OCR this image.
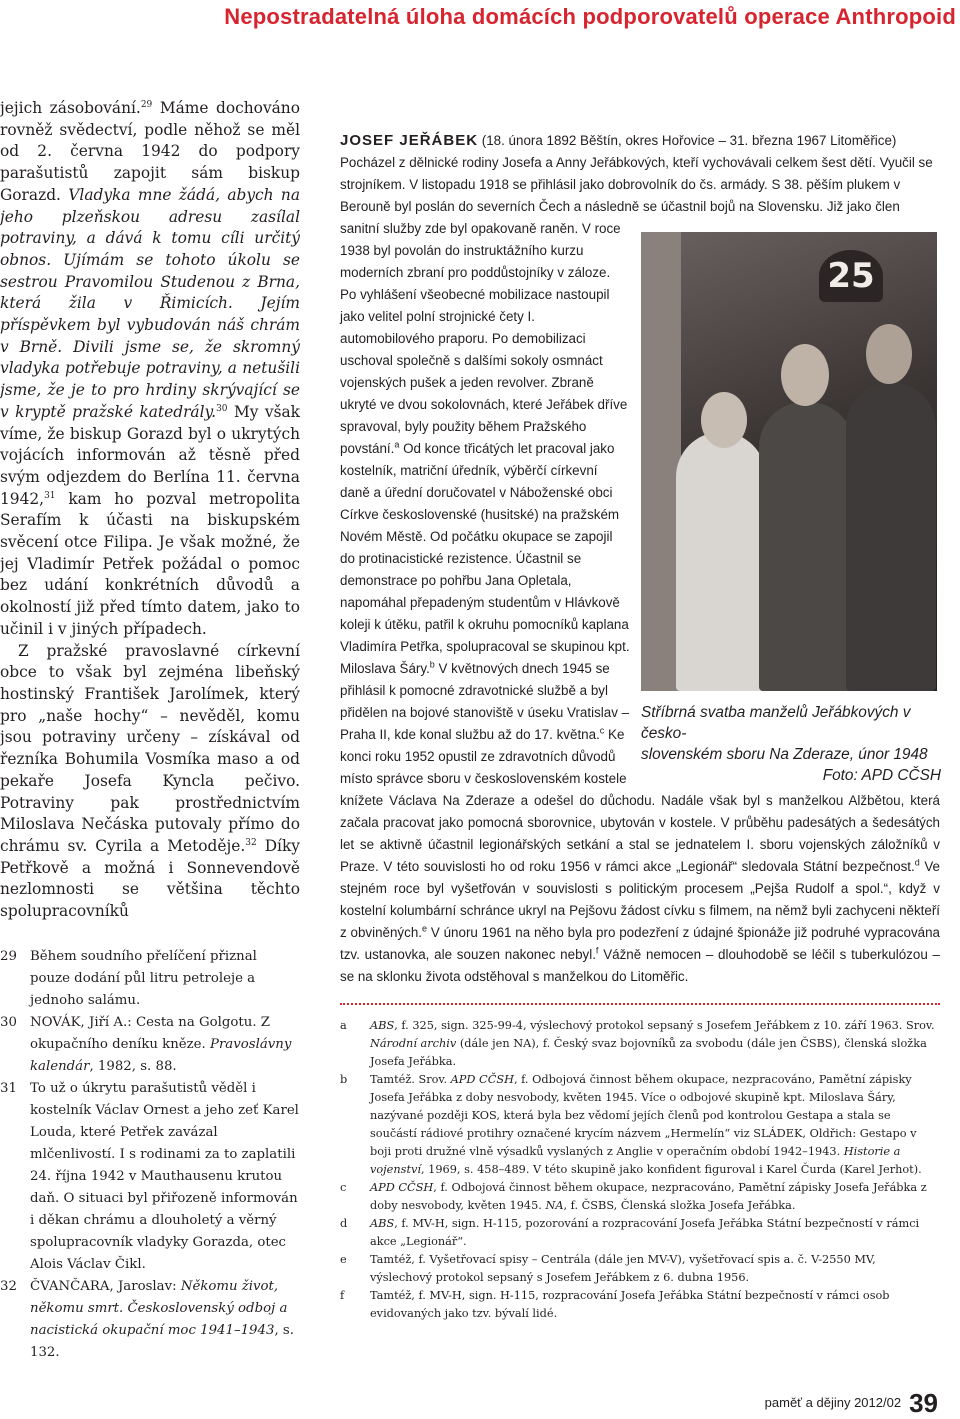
Nepostradatelná úloha domácích podporovatelů operace Anthropoid

jejich zásobování.$^{29}$ Máme dochováno rovněž svědectví, podle něhož se měl od 2. června 1942 do podpory parašutistů zapojit sám biskup Gorazd. Vladyka mne žádá, abych na jeho plzeňskou adresu zasílal potraviny, a dává k tomu cíli určitý obnos. Ujímám se tohoto úkolu se sestrou Pravomilou Studenou z Brna, která žila v Řimicích. Jejím příspěvkem byl vybudován náš chrám v Brně. Divili jsme se, že skromný vladyka potřebuje potraviny, a netušili jsme, že je to pro hrdiny skrývající se v kryptě pražské katedrály.$^{30}$ My však víme, že biskup Gorazd byl o ukrytých vojácích informován až těsně před svým odjezdem do Berlína 11. června 1942,31 kam ho pozval metropolita Serafím k účasti na biskupském svěcení otce Filipa. Je však možné, že jej Vladimír Petřek požádal o pomoc bez udání konkrétních důvodů a okolností již před tímto datem, jako to učinil i v jiných případech.

Z pražské pravoslavné církevní obce to však byl zejména libeňský hostinský František Jarolímek, který pro „naše hochy“ – nevěděl, komu jsou potraviny určeny – získával od řezníka Bohumila Vosmíka maso a od pekaře Josefa Kyncla pečivo. Potraviny pak prostřednictvím Miloslava Nečáska putovaly přímo do chrámu sv. Cyrila a Metoděje.$^{32}$ Díky Petřkově a možná i Sonnevendově nezlomnosti se většina těchto spolupracovníků

29 Během soudního přelíčení přiznal pouze dodání půl litru petroleje a jednoho salámu.
30 NOVÁK, Jiří A.: Cesta na Golgotu. Z okupačního deníku kněze. Pravoslávny kalendár, 1982, s. 88.
31 To už o úkrytu parašutistů věděl i kostelník Václav Ornest a jeho zeť Karel Louda, které Petřek zavázal mlčenlivostí. I s rodinami za to zaplatili 24. října 1942 v Mauthausenu krutou daň. O situaci byl přiřozeně informován i děkan chrámu a dlouholetý a věrný spolupracovník vladyky Gorazda, otec Alois Václav Čikl.
32 ČVANČARA, Jaroslav: Někomu život, někomu smrt. Československý odboj a nacistická okupační moc 1941–1943, s. 132.
JOSEF JEŘÁBEK (18. února 1892 Běštín, okres Hořovice – 31. března 1967 Litoměřice)
Pocházel z dělnické rodiny Josefa a Anny Jeřábkových, kteří vychovávali celkem šest dětí. Vyučil se strojníkem. V listopadu 1918 se přihlásil jako dobrovolník do čs. armády. S 38. pěším plukem v Berouně byl poslán do severních Čech a následně se účastnil bojů na Slovensku. Již jako člen
sanitní služby zde byl opakovaně raněn. V roce 1938 byl povolán do instruktážního kurzu moderních zbraní pro poddůstojníky v záloze. Po vyhlášení všeobecné mobilizace nastoupil jako velitel polní strojnické čety I. automobilového praporu. Po demobilizaci uschoval společně s dalšími sokoly osmnáct vojenských pušek a jeden revolver. Zbraně ukryté ve dvou sokolovnách, které Jeřábek dříve spravoval, byly použity během Pražského povstání.$^a$ Od konce třicátých let pracoval jako kostelník, matriční úředník, výběrčí církevní daně a úřední doručovatel v Náboženské obci Církve československé (husitské) na pražském Novém Městě. Od počátku okupace se zapojil do protinacistické rezistence. Účastnil se demonstrace po pohřbu Jana Opletala, napomáhal přepadeným studentům v Hlávkově koleji k útěku, patřil k okruhu pomocníků kaplana Vladimíra Petřka, spolupracoval se skupinou kpt. Miloslava Šáry.$^b$ V květnových dnech 1945 se přihlásil k pomocné zdravotnické službě a byl přidělen na bojové stanoviště v úseku Vratislav – Praha II, kde konal službu až do 17. května.$^c$ Ke konci roku 1952 opustil ze zdravotních důvodů místo správce sboru v československém kostele
25
Stříbrná svatba manželů Jeřábkových v česko-
slovenském sboru Na Zderaze, únor 1948
Foto: APD CČSH
knížete Václava Na Zderaze a odešel do důchodu. Nadále však byl s manželkou Alžbětou, která začala pracovat jako pomocná sborovnice, ubytován v kostele. V průběhu padesátých a šedesátých let se aktivně účastnil legionářských setkání a stal se jednatelem I. sboru vojenských záložníků v Praze. V této souvislosti ho od roku 1956 v rámci akce „Legionář“ sledovala Státní bezpečnost.$^d$ Ve stejném roce byl vyšetřován v souvislosti s politickým procesem „Pejša Rudolf a spol.“, když v kostelní kolumbární schránce ukryl na Pejšovu žádost cívku s filmem, na němž byli zachyceni někteří z obviněných.$^e$ V únoru 1961 na něho byla pro podezření z údajné špionáže již podruhé vypracována tzv. ustanovka, ale souzen nakonec nebyl.$^f$ Vážně nemocen – dlouhodobě se léčil s tuberkulózou – se na sklonku života odstěhoval s manželkou do Litoměřic.
a	ABS, f. 325, sign. 325-99-4, výslechový protokol sepsaný s Josefem Jeřábkem z 10. září 1963. Srov. Národní archiv (dále jen NA), f. Český svaz bojovníků za svobodu (dále jen ČSBS), členská složka Josefa Jeřábka.
b	Tamtéž. Srov. APD CČSH, f. Odbojová činnost během okupace, nezpracováno, Pamětní zápisky Josefa Jeřábka z doby nesvobody, květen 1945. Více o odbojové skupině kpt. Miloslava Šáry, nazývané později KOS, která byla bez vědomí jejích členů pod kontrolou Gestapa a stala se součástí rádiové protihry označené krycím názvem „Hermelín“ viz SLÁDEK, Oldřich: Gestapo v boji proti družné vlně výsadků vyslaných z Anglie v operačním období 1942–1943. Historie a vojenství, 1969, s. 458–489. V této skupině jako konfident figuroval i Karel Čurda (Karel Jerhot).
c	APD CČSH, f. Odbojová činnost během okupace, nezpracováno, Pamětní zápisky Josefa Jeřábka z doby nesvobody, květen 1945. NA, f. ČSBS, Členská složka Josefa Jeřábka.
d	ABS, f. MV-H, sign. H-115, pozorování a rozpracování Josefa Jeřábka Státní bezpečností v rámci akce „Legionář“.
e	Tamtéž, f. Vyšetřovací spisy – Centrála (dále jen MV-V), vyšetřovací spis a. č. V-2550 MV, výslechový protokol sepsaný s Josefem Jeřábkem z 6. dubna 1956.
f	Tamtéž, f. MV-H, sign. H-115, rozpracování Josefa Jeřábka Státní bezpečností v rámci osob evidovaných jako tzv. bývalí lidé.
paměť a dějiny 2012/02 39
